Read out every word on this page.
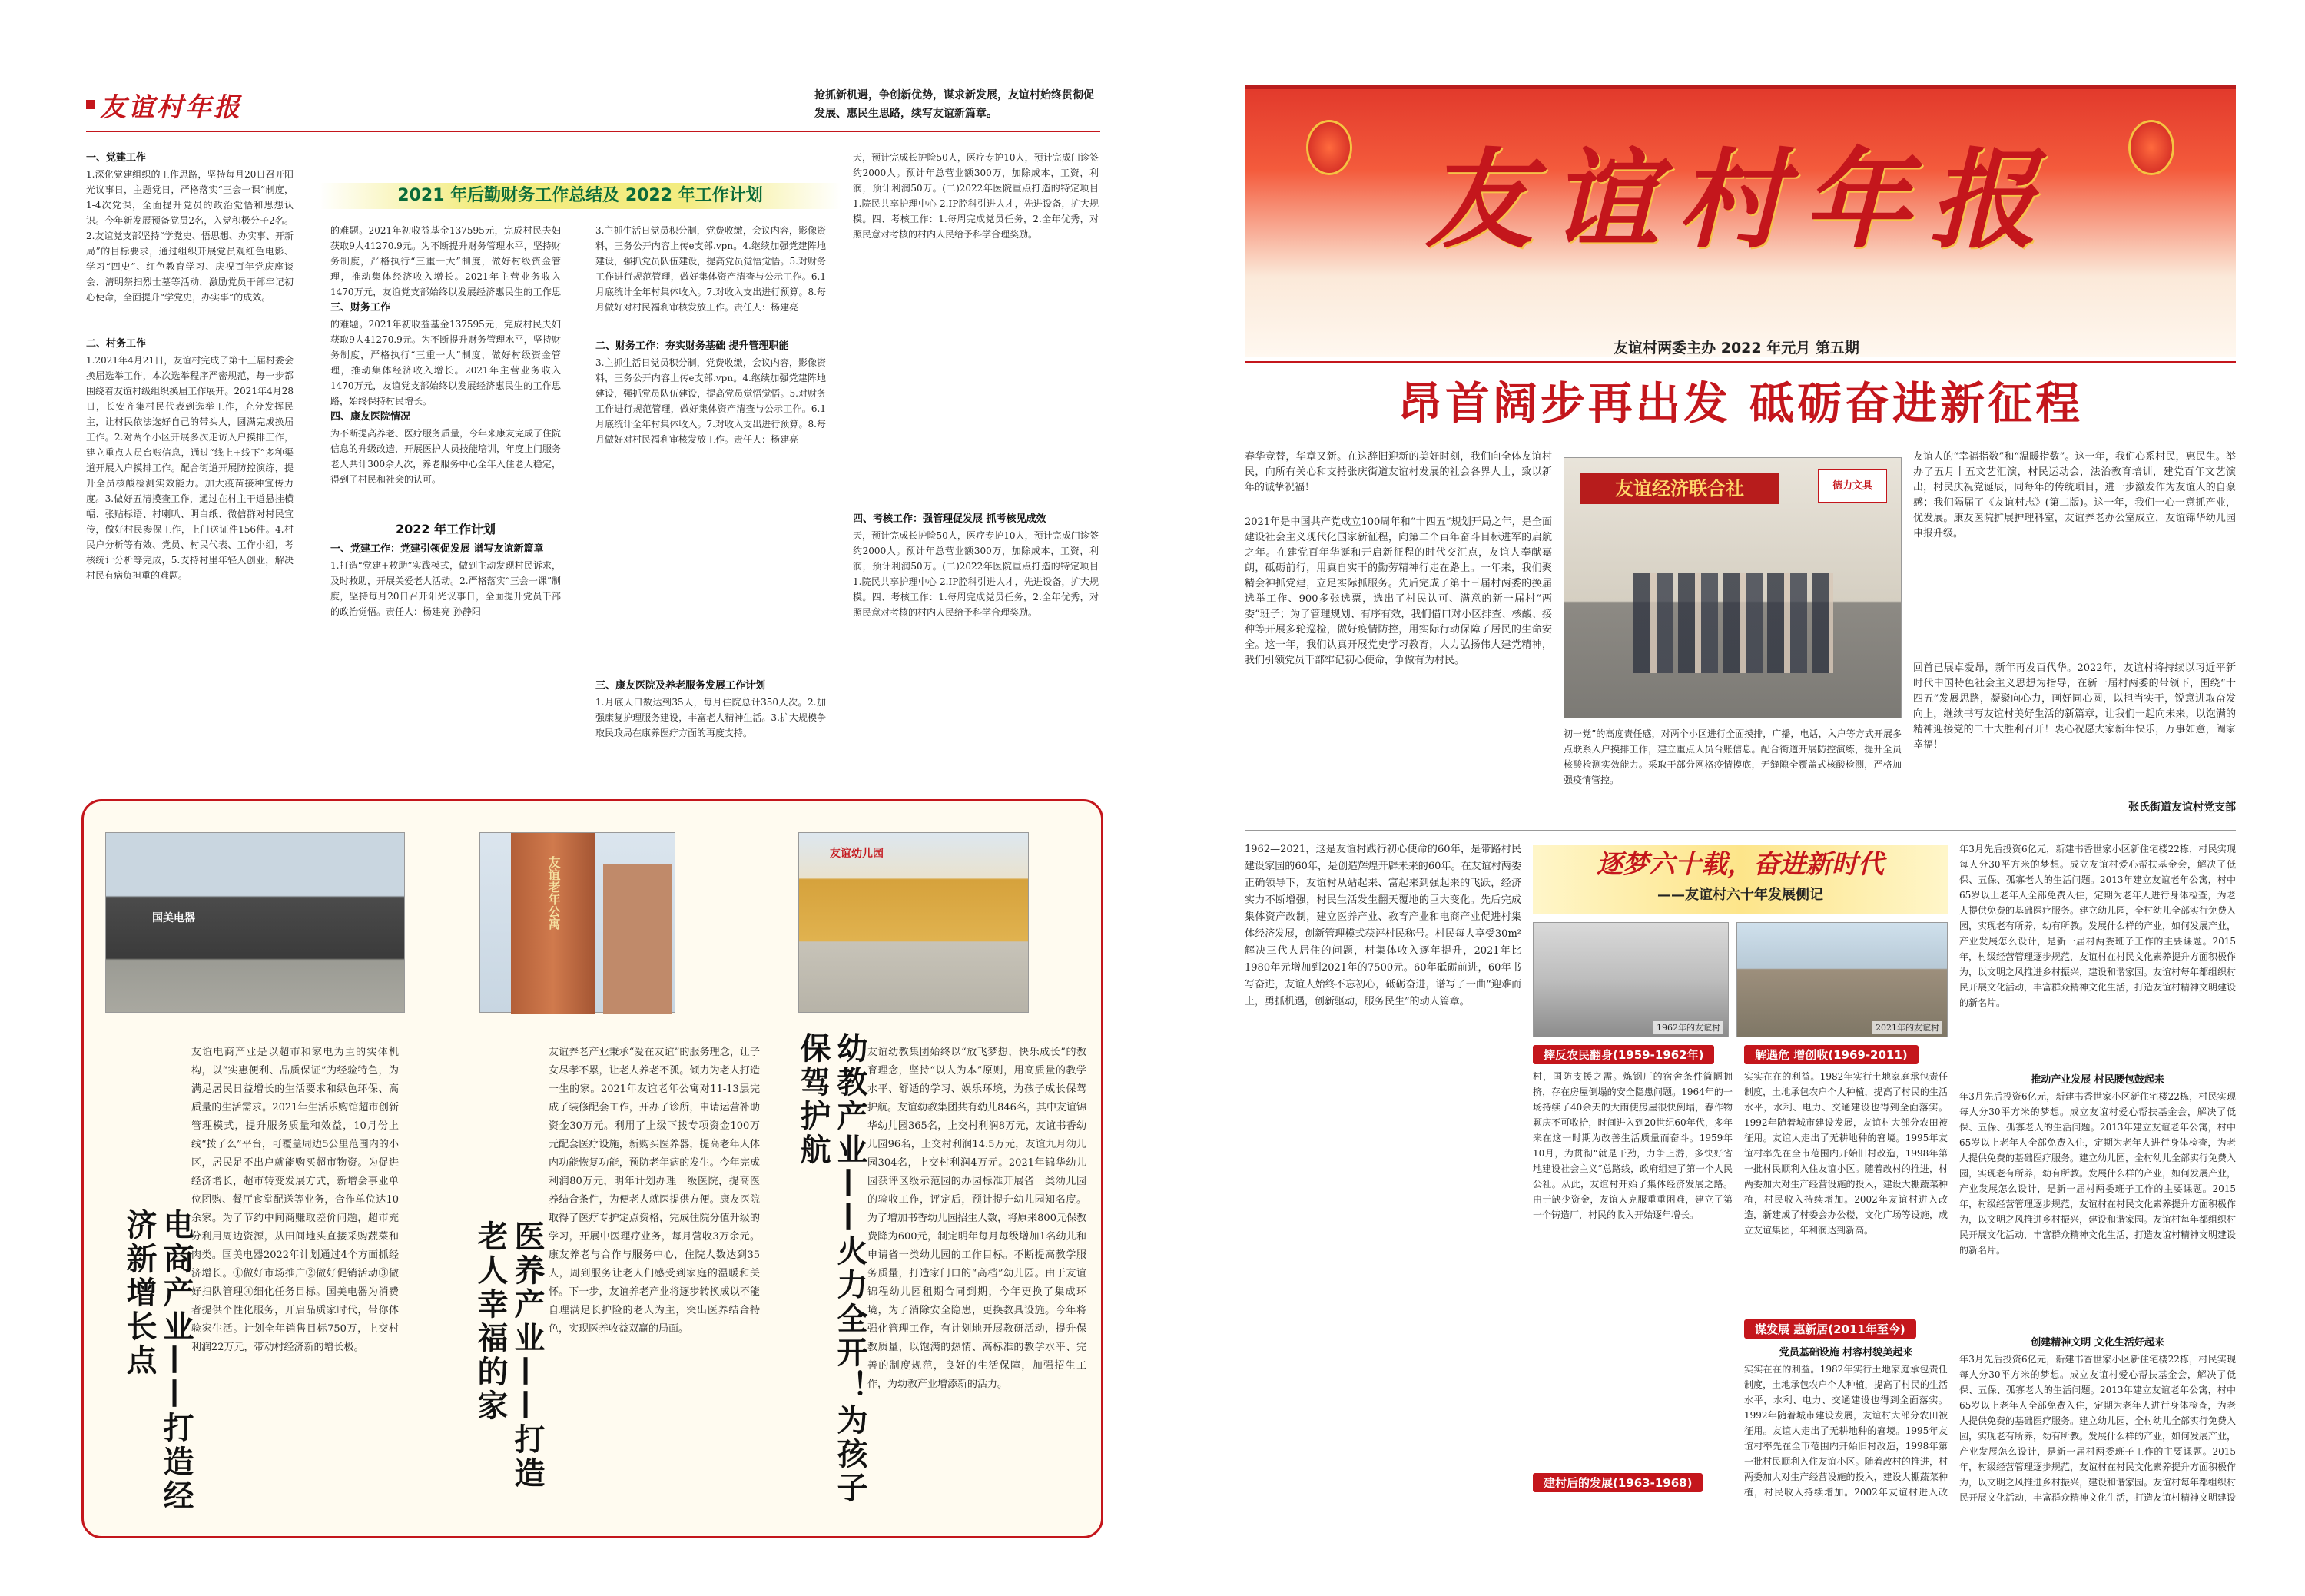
友谊村年报	抢抓新机遇，争创新优势，谋求新发展，友谊村始终贯彻促发展、惠民生思路，续写友谊新篇章。
2021 年后勤财务工作总结及 2022 年工作计划
一、党建工作
1.深化党建组织的工作思路，坚持每月20日召开阳光议事日，主题党日，严格落实“三会一课”制度，1-4次党课，全面提升党员的政治觉悟和思想认识。今年新发展预备党员2名，入党积极分子2名。2.友谊党支部坚持“学党史、悟思想、办实事、开新局”的目标要求，通过组织开展党员观红色电影、学习“四史”、红色教育学习、庆祝百年党庆座谈会、清明祭扫烈士墓等活动，激励党员干部牢记初心使命，全面提升“学党史，办实事”的成效。
二、村务工作
1.2021年4月21日，友谊村完成了第十三届村委会换届选举工作，本次选举程序严密规范，每一步都围绕着友谊村级组织换届工作展开。2021年4月28日，长安齐集村民代表到选举工作，充分发挥民主，让村民依法选好自己的带头人，圆满完成换届工作。2.对两个小区开展多次走访入户摸排工作，建立重点人员台账信息，通过“线上+线下”多种渠道开展入户摸排工作。配合街道开展防控演练，提升全员核酸检测实效能力。加大疫苗接种宣传力度。3.做好五清摸查工作，通过在村主干道悬挂横幅、张贴标语、村喇叭、明白纸、微信群对村民宣传，做好村民参保工作，上门送证件156件。4.村民户分析等有效、党员、村民代表、工作小组，考核统计分析等完成，5.支持村里年轻人创业，解决村民有病负担重的难题。
的难题。2021年初收益基金137595元，完成村民夫妇获取9人41270.9元。为不断提升财务管理水平，坚持财务制度，严格执行“三重一大”制度，做好村级资金管理，推动集体经济收入增长。2021年主营业务收入1470万元，友谊党支部始终以发展经济惠民生的工作思
三、财务工作
的难题。2021年初收益基金137595元，完成村民夫妇获取9人41270.9元。为不断提升财务管理水平，坚持财务制度，严格执行“三重一大”制度，做好村级资金管理，推动集体经济收入增长。2021年主营业务收入1470万元，友谊党支部始终以发展经济惠民生的工作思路，始终保持村民增长。
四、康友医院情况
为不断提高养老、医疗服务质量，今年来康友完成了住院信息的升级改造，开展医护人员技能培训，年度上门服务老人共计300余人次，养老服务中心全年入住老人稳定，得到了村民和社会的认可。
2022 年工作计划
一、党建工作：党建引领促发展 谱写友谊新篇章
1.打造“党建+救助”实践模式，做到主动发现村民诉求，及时救助，开展关爱老人活动。2.严格落实“三会一课”制度，坚持每月20日召开阳光议事日，全面提升党员干部的政治觉悟。责任人：杨建亮 孙静阳
3.主抓生活日党员积分制，党费收缴，会议内容，影像资料，三务公开内容上传e支部.vpn。4.继续加强党建阵地建设，强抓党员队伍建设，提高党员觉悟觉悟。5.对财务工作进行规范管理，做好集体资产清查与公示工作。6.1月底统计全年村集体收入。7.对收入支出进行预算。8.每月做好对村民福利审核发放工作。责任人：杨建亮
二、财务工作：夯实财务基础 提升管理职能
3.主抓生活日党员积分制，党费收缴，会议内容，影像资料，三务公开内容上传e支部.vpn。4.继续加强党建阵地建设，强抓党员队伍建设，提高党员觉悟觉悟。5.对财务工作进行规范管理，做好集体资产清查与公示工作。6.1月底统计全年村集体收入。7.对收入支出进行预算。8.每月做好对村民福利审核发放工作。责任人：杨建亮
三、康友医院及养老服务发展工作计划
1.月底人口数达到35人，每月住院总计350人次。2.加强康复护理服务建设，丰富老人精神生活。3.扩大规模争取民政局在康养医疗方面的再度支持。
天，预计完成长护险50人，医疗专护10人，预计完成门诊签约2000人。预计年总营业额300万，加除成本，工资，利润，预计利润50万。(二)2022年医院重点打造的特定项目 1.院民共享护理中心 2.IP腔科引进人才，先进设备，扩大规模。四、考核工作：1.每周完成党员任务，2.全年优秀，对照民意对考核的村内人民给予科学合理奖励。
四、考核工作：强管理促发展 抓考核见成效
天，预计完成长护险50人，医疗专护10人，预计完成门诊签约2000人。预计年总营业额300万，加除成本，工资，利润，预计利润50万。(二)2022年医院重点打造的特定项目 1.院民共享护理中心 2.IP腔科引进人才，先进设备，扩大规模。四、考核工作：1.每周完成党员任务，2.全年优秀，对照民意对考核的村内人民给予科学合理奖励。
国美电器
电商产业——打造经济新增长点
友谊电商产业是以超市和家电为主的实体机构，以“实惠便利、品质保证”为经验特色，为满足居民日益增长的生活要求和绿色环保、高质量的生活需求。2021年生活乐购馆超市创新管理模式，提升服务质量和效益，10月份上线“拨了么”平台，可覆盖周边5公里范围内的小区，居民足不出户就能购买超市物资。为促进经济增长，超市转变发展方式，新增会事业单位团购、餐厅食堂配送等业务，合作单位达10余家。为了节约中间商赚取差价问题，超市充分利用周边资源，从田间地头直接采购蔬菜和肉类。国美电器2022年计划通过4个方面抓经济增长。①做好市场推广②做好促销活动③做好扫队管理④细化任务目标。国美电器为消费者提供个性化服务，开启品质家时代，带你体验家生活。计划全年销售目标750万，上交村利润22万元，带动村经济新的增长极。
友谊老年公寓
医养产业——打造老人幸福的家
友谊养老产业秉承“爱在友谊”的服务理念，让子女尽孝不累，让老人养老不孤。倾力为老人打造一生的家。2021年友谊老年公寓对11-13层完成了装修配套工作，开办了诊所，申请运营补助资金30万元。利用了上级下拨专项资金100万元配套医疗设施，新购买医养器，提高老年人体内功能恢复功能，预防老年病的发生。今年完成利润80万元，明年计划办理一级医院，提高医养结合条件，为便老人就医提供方便。康友医院取得了医疗专护定点资格，完成住院分值升级的学习，开展中医理疗业务，每月营收3万余元。康友养老与合作与服务中心，住院人数达到35人，周到服务让老人们感受到家庭的温暖和关怀。下一步，友谊养老产业将逐步转换成以不能自理满足长护险的老人为主，突出医养结合特色，实现医养收益双赢的局面。
友谊幼儿园
幼教产业——火力全开！为孩子保驾护航	友谊幼教集团始终以“放飞梦想，快乐成长”的教育理念，坚持“以人为本”原则，用高质量的教学水平、舒适的学习、娱乐环境，为孩子成长保驾护航。友谊幼教集团共有幼儿846名，其中友谊锦华幼儿园365名，上交村利润8万元，友谊书香幼儿园96名，上交村利润14.5万元，友谊九月幼儿园304名，上交村利润4万元。2021年锦华幼儿园获评区级示范园的办园标准开展省一类幼儿园的验收工作，评定后，预计提升幼儿园知名度。为了增加书香幼儿园招生人数，将原来800元保教费降为600元，制定明年每月每级增加1名幼儿和申请省一类幼儿园的工作目标。不断提高教学服务质量，打造家门口的“高档”幼儿园。由于友谊锦程幼儿园租期合同到期，今年更换了集成环境，为了消除安全隐患，更换教具设施。今年将强化管理工作，有计划地开展教研活动，提升保教质量，以饱满的热情、高标准的教学水平、完善的制度规范，良好的生活保障，加强招生工作，为幼教产业增添新的活力。
友谊村年报
友谊村两委主办 2022 年元月 第五期
昂首阔步再出发 砥砺奋进新征程
春华竞替，华章又新。在这辞旧迎新的美好时刻，我们向全体友谊村民，向所有关心和支持张庆街道友谊村发展的社会各界人士，致以新年的诚挚祝福！
2021年是中国共产党成立100周年和“十四五”规划开局之年，是全面建设社会主义现代化国家新征程，向第二个百年奋斗目标进军的启航之年。在建党百年华诞和开启新征程的时代交汇点，友谊人奉献嘉朗，砥砺前行，用真自实干的勤劳精神行走在路上。一年来，我们聚精会神抓党建，立足实际抓服务。先后完成了第十三届村两委的换届选举工作、900多张选票，选出了村民认可、满意的新一届村“两委”班子；为了管理规划、有序有效，我们借口对小区排查、核酸、接种等开展多轮巡检，做好疫情防控，用实际行动保障了居民的生命安全。这一年，我们认真开展党史学习教育，大力弘扬伟大建党精神，我们引领党员干部牢记初心使命，争做有为村民。
友谊经济联合社	德力文具
初一党”的高度责任感，对两个小区进行全面摸排，广播，电话，入户等方式开展多点联系入户摸排工作，建立重点人员台账信息。配合街道开展防控演练，提升全员核酸检测实效能力。采取干部分网格疫情摸底，无缝隙全覆盖式核酸检测，严格加强疫情管控。
友谊人的“幸福指数”和“温暖指数”。这一年，我们心系村民，惠民生。举办了五月十五文艺汇演，村民运动会，法治教育培训，建党百年文艺演出，村民庆祝党诞辰，同每年的传统项目，进一步激发作为友谊人的自豪感；我们隔届了《友谊村志》(第二版)。这一年，我们一心一意抓产业，优发展。康友医院扩展护理科室，友谊养老办公室成立，友谊锦华幼儿园申报升级。
回首已展卓爱昂，新年再发百代华。2022年，友谊村将持续以习近平新时代中国特色社会主义思想为指导，在新一届村两委的带领下，围绕“十四五”发展思路，凝聚向心力，画好同心圆，以担当实干，锐意进取奋发向上，继续书写友谊村美好生活的新篇章，让我们一起向未来，以饱满的精神迎接党的二十大胜利召开！衷心祝愿大家新年快乐，万事如意，阖家幸福！
张氏街道友谊村党支部
1962—2021，这是友谊村践行初心使命的60年，是带路村民建设家园的60年，是创造辉煌开辟未来的60年。在友谊村两委正确领导下，友谊村从站起来、富起来到强起来的飞跃，经济实力不断增强，村民生活发生翻天覆地的巨大变化。先后完成集体资产改制，建立医养产业、教育产业和电商产业促进村集体经济发展，创新管理模式获评村民称号。村民每人享受30m²解决三代人居住的问题，村集体收入逐年提升，2021年比1980年元增加到2021年的7500元。60年砥砺前进，60年书写奋进，友谊人始终不忘初心，砥砺奋进，谱写了一曲“迎难而上，勇抓机遇，创新驱动，服务民生”的动人篇章。
逐梦六十载，奋进新时代
——友谊村六十年发展侧记
1962年的友谊村	2021年的友谊村
摔反农民翻身(1959-1962年)
村，国防支援之需。炼钢厂的宿舍条件简陋拥挤，存在房屋倒塌的安全隐患问题。1964年的一场持续了40余天的大雨使房屋很快倒塌，春作物颗庆不可收拾，时间进入到20世纪60年代，多年来在这一时期为改善生活质量而奋斗。1959年10月，为贯彻“就是干劲，力争上游，多快好省地建设社会主义”总路线，政府组建了第一个人民公社。从此，友谊村开始了集体经济发展之路。由于缺少资金，友谊人克服重重困难，建立了第一个铸造厂，村民的收入开始逐年增长。
建村后的发展(1963-1968)
解遇危 增创收(1969-2011)
实实在在的利益。1982年实行土地家庭承包责任制度，土地承包农户个人种植，提高了村民的生活水平，水利、电力、交通建设也得到全面落实。1992年随着城市建设发展，友谊村大部分农田被征用。友谊人走出了无耕地种的窘境。1995年友谊村率先在全市范围内开始旧村改造，1998年第一批村民顺利入住友谊小区。随着改村的推进，村两委加大对生产经营设施的投入，建设大棚蔬菜种植，村民收入持续增加。2002年友谊村进入改造，新建成了村委会办公楼，文化广场等设施，成立友谊集团，年利润达到新高。
谋发展 惠新居(2011年至今)
党员基础设施 村容村貌美起来
实实在在的利益。1982年实行土地家庭承包责任制度，土地承包农户个人种植，提高了村民的生活水平，水利、电力、交通建设也得到全面落实。1992年随着城市建设发展，友谊村大部分农田被征用。友谊人走出了无耕地种的窘境。1995年友谊村率先在全市范围内开始旧村改造，1998年第一批村民顺利入住友谊小区。随着改村的推进，村两委加大对生产经营设施的投入，建设大棚蔬菜种植，村民收入持续增加。2002年友谊村进入改
年3月先后投资6亿元，新建书香世家小区新住宅楼22栋，村民实现每人分30平方米的梦想。成立友谊村爱心帮扶基金会，解决了低保、五保、孤寡老人的生活问题。2013年建立友谊老年公寓，村中65岁以上老年人全部免费入住，定期为老年人进行身体检查，为老人提供免费的基础医疗服务。建立幼儿园，全村幼儿全部实行免费入园，实现老有所养，幼有所教。发展什么样的产业，如何发展产业，产业发展怎么设计，是新一届村两委班子工作的主要课题。2015年，村级经营管理逐步规范，友谊村在村民文化素养提升方面积极作为，以文明之风推进乡村振兴，建设和谐家园。友谊村每年都组织村民开展文化活动，丰富群众精神文化生活，打造友谊村精神文明建设的新名片。
推动产业发展 村民腰包鼓起来
年3月先后投资6亿元，新建书香世家小区新住宅楼22栋，村民实现每人分30平方米的梦想。成立友谊村爱心帮扶基金会，解决了低保、五保、孤寡老人的生活问题。2013年建立友谊老年公寓，村中65岁以上老年人全部免费入住，定期为老年人进行身体检查，为老人提供免费的基础医疗服务。建立幼儿园，全村幼儿全部实行免费入园，实现老有所养，幼有所教。发展什么样的产业，如何发展产业，产业发展怎么设计，是新一届村两委班子工作的主要课题。2015年，村级经营管理逐步规范，友谊村在村民文化素养提升方面积极作为，以文明之风推进乡村振兴，建设和谐家园。友谊村每年都组织村民开展文化活动，丰富群众精神文化生活，打造友谊村精神文明建设的新名片。
创建精神文明 文化生活好起来
年3月先后投资6亿元，新建书香世家小区新住宅楼22栋，村民实现每人分30平方米的梦想。成立友谊村爱心帮扶基金会，解决了低保、五保、孤寡老人的生活问题。2013年建立友谊老年公寓，村中65岁以上老年人全部免费入住，定期为老年人进行身体检查，为老人提供免费的基础医疗服务。建立幼儿园，全村幼儿全部实行免费入园，实现老有所养，幼有所教。发展什么样的产业，如何发展产业，产业发展怎么设计，是新一届村两委班子工作的主要课题。2015年，村级经营管理逐步规范，友谊村在村民文化素养提升方面积极作为，以文明之风推进乡村振兴，建设和谐家园。友谊村每年都组织村民开展文化活动，丰富群众精神文化生活，打造友谊村精神文明建设
